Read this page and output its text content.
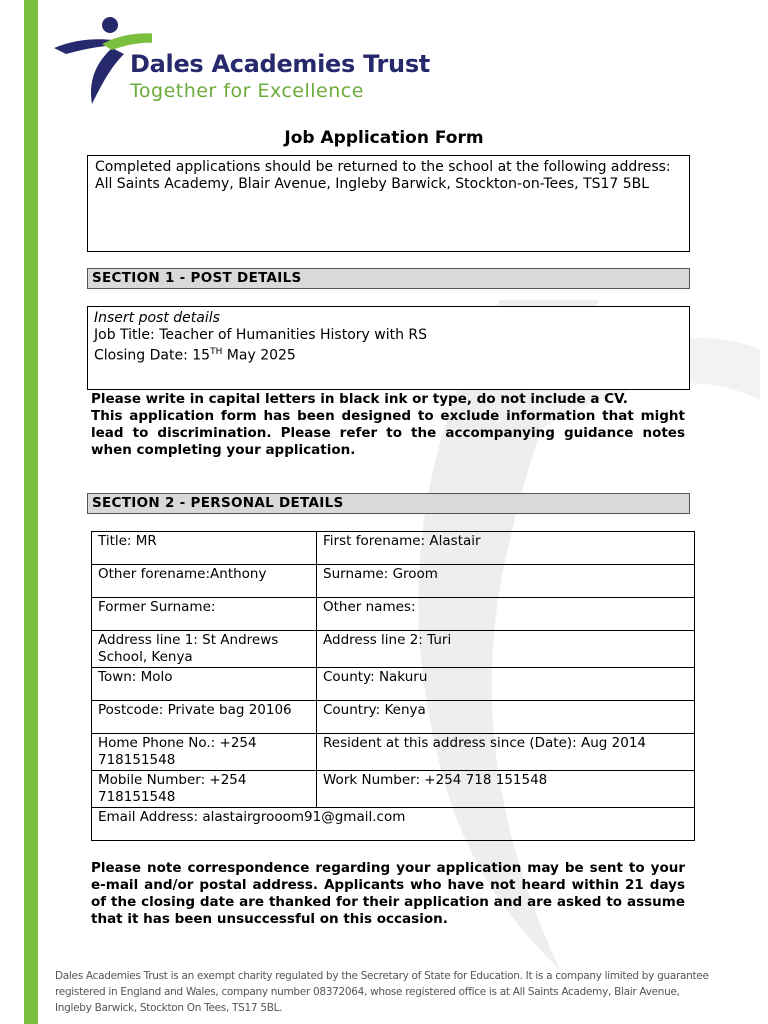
Dales Academies Trust
Together for Excellence
Job Application Form

Completed applications should be returned to the school at the following address:

All Saints Academy, Blair Avenue, Ingleby Barwick, Stockton-on-Tees, TS17 5BL

SECTION 1 - POST DETAILS

Insert post details

Job Title: Teacher of Humanities History with RS

Closing Date: 15TH May 2025

Please write in capital letters in black ink or type, do not include a CV.
This application form has been designed to exclude information that might lead to discrimination. Please refer to the accompanying guidance notes when completing your application.
SECTION 2 - PERSONAL DETAILS
Title: MR	First forename: Alastair
Other forename:Anthony	Surname: Groom
Former Surname:	Other names:
Address line 1: St Andrews School, Kenya	Address line 2: Turi
Town: Molo	County: Nakuru
Postcode: Private bag 20106	Country: Kenya
Home Phone No.: +254 718151548	Resident at this address since (Date): Aug 2014
Mobile Number: +254 718151548	Work Number: +254 718 151548
Email Address: alastairgrooom91@gmail.com	
Please note correspondence regarding your application may be sent to your e-mail and/or postal address. Applicants who have not heard within 21 days of the closing date are thanked for their application and are asked to assume that it has been unsuccessful on this occasion.
Dales Academies Trust is an exempt charity regulated by the Secretary of State for Education. It is a company limited by guarantee registered in England and Wales, company number 08372064, whose registered office is at All Saints Academy, Blair Avenue, Ingleby Barwick, Stockton On Tees, TS17 5BL.
